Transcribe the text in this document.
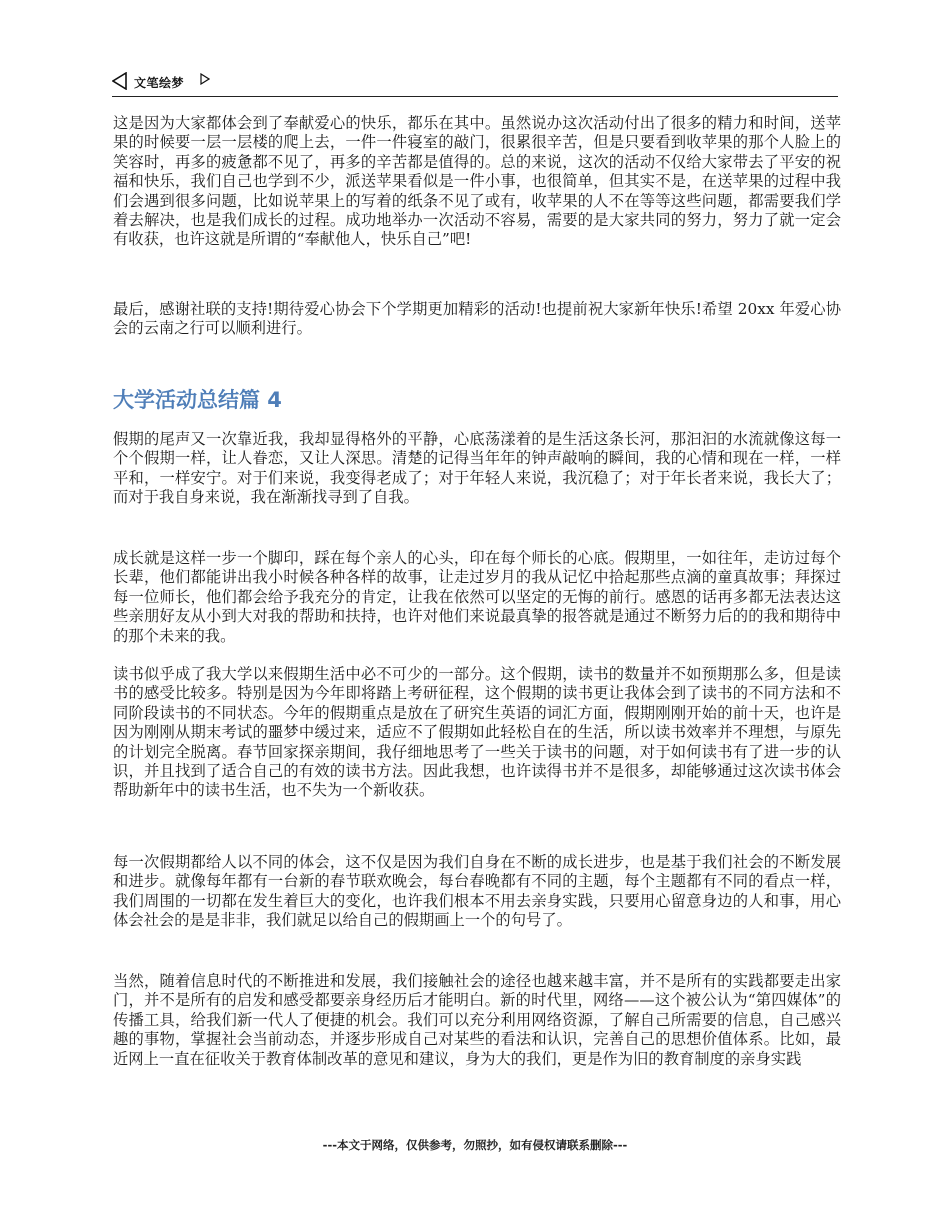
文笔绘梦

这是因为大家都体会到了奉献爱心的快乐，都乐在其中。虽然说办这次活动付出了很多的精力和时间，送苹果的时候要一层一层楼的爬上去，一件一件寝室的敲门，很累很辛苦，但是只要看到收苹果的那个人脸上的笑容时，再多的疲惫都不见了，再多的辛苦都是值得的。总的来说，这次的活动不仅给大家带去了平安的祝福和快乐，我们自己也学到不少，派送苹果看似是一件小事，也很简单，但其实不是，在送苹果的过程中我们会遇到很多问题，比如说苹果上的写着的纸条不见了或有，收苹果的人不在等等这些问题，都需要我们学着去解决，也是我们成长的过程。成功地举办一次活动不容易，需要的是大家共同的努力，努力了就一定会有收获，也许这就是所谓的“奉献他人，快乐自己”吧!

最后，感谢社联的支持!期待爱心协会下个学期更加精彩的活动!也提前祝大家新年快乐!希望 20xx 年爱心协会的云南之行可以顺利进行。

假期的尾声又一次靠近我，我却显得格外的平静，心底荡漾着的是生活这条长河，那汩汩的水流就像这每一个个假期一样，让人眷恋，又让人深思。清楚的记得当年年的钟声敲响的瞬间，我的心情和现在一样，一样平和，一样安宁。对于们来说，我变得老成了；对于年轻人来说，我沉稳了；对于年长者来说，我长大了；而对于我自身来说，我在渐渐找寻到了自我。

成长就是这样一步一个脚印，踩在每个亲人的心头，印在每个师长的心底。假期里，一如往年，走访过每个长辈，他们都能讲出我小时候各种各样的故事，让走过岁月的我从记忆中拾起那些点滴的童真故事；拜探过每一位师长，他们都会给予我充分的肯定，让我在依然可以坚定的无悔的前行。感恩的话再多都无法表达这些亲朋好友从小到大对我的帮助和扶持，也许对他们来说最真挚的报答就是通过不断努力后的的我和期待中的那个未来的我。

读书似乎成了我大学以来假期生活中必不可少的一部分。这个假期，读书的数量并不如预期那么多，但是读书的感受比较多。特别是因为今年即将踏上考研征程，这个假期的读书更让我体会到了读书的不同方法和不同阶段读书的不同状态。今年的假期重点是放在了研究生英语的词汇方面，假期刚刚开始的前十天，也许是因为刚刚从期末考试的噩梦中缓过来，适应不了假期如此轻松自在的生活，所以读书效率并不理想，与原先的计划完全脱离。春节回家探亲期间，我仔细地思考了一些关于读书的问题，对于如何读书有了进一步的认识，并且找到了适合自己的有效的读书方法。因此我想，也许读得书并不是很多，却能够通过这次读书体会帮助新年中的读书生活，也不失为一个新收获。

每一次假期都给人以不同的体会，这不仅是因为我们自身在不断的成长进步，也是基于我们社会的不断发展和进步。就像每年都有一台新的春节联欢晚会，每台春晚都有不同的主题，每个主题都有不同的看点一样，我们周围的一切都在发生着巨大的变化，也许我们根本不用去亲身实践，只要用心留意身边的人和事，用心体会社会的是是非非，我们就足以给自己的假期画上一个的句号了。

当然，随着信息时代的不断推进和发展，我们接触社会的途径也越来越丰富，并不是所有的实践都要走出家门，并不是所有的启发和感受都要亲身经历后才能明白。新的时代里，网络——这个被公认为“第四媒体”的传播工具，给我们新一代人了便捷的机会。我们可以充分利用网络资源，了解自己所需要的信息，自己感兴趣的事物，掌握社会当前动态，并逐步形成自己对某些的看法和认识，完善自己的思想价值体系。比如，最近网上一直在征收关于教育体制改革的意见和建议，身为大的我们，更是作为旧的教育制度的亲身实践

大学活动总结篇 4
---本文于网络，仅供参考，勿照抄，如有侵权请联系删除---
